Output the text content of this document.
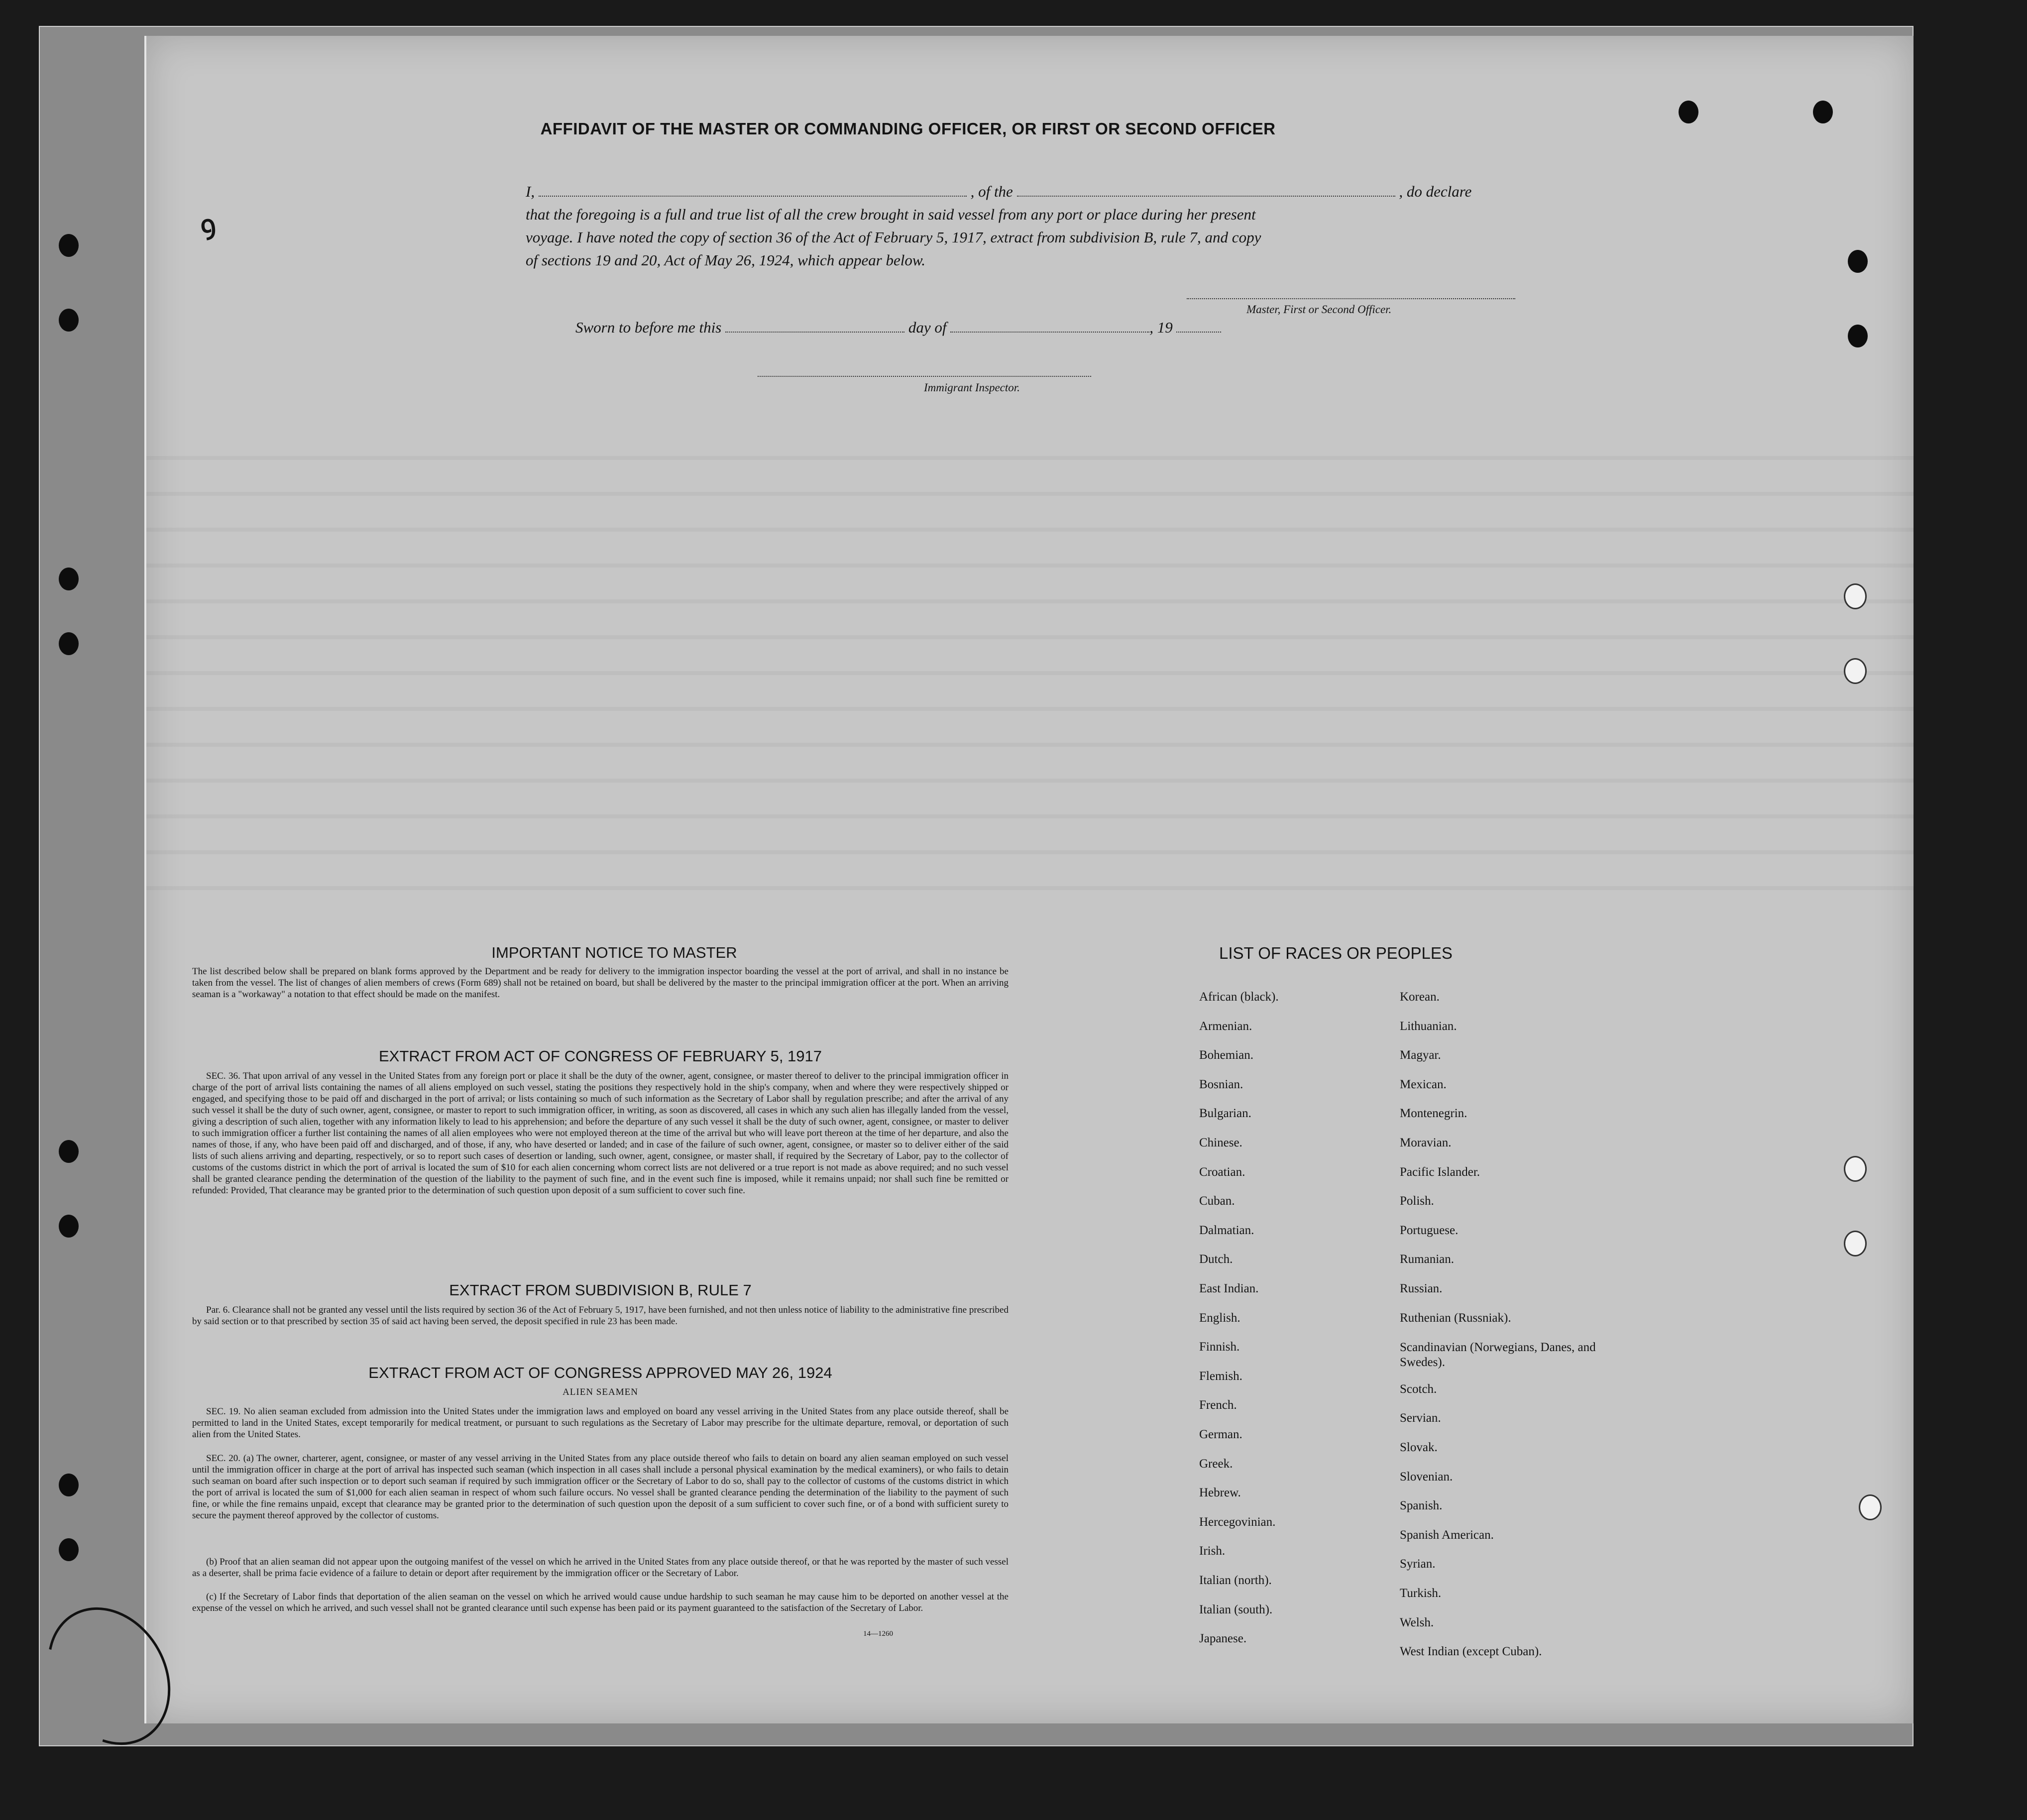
ꝯ
AFFIDAVIT OF THE MASTER OR COMMANDING OFFICER, OR FIRST OR SECOND OFFICER
I,	, of the	, do declare
that the foregoing is a full and true list of all the crew brought in said vessel from any port or place during her present
voyage. I have noted the copy of section 36 of the Act of February 5, 1917, extract from subdivision B, rule 7, and copy
of sections 19 and 20, Act of May 26, 1924, which appear below.
Master, First or Second Officer.
Sworn to before me this	day of	, 19
Immigrant Inspector.
IMPORTANT NOTICE TO MASTER
The list described below shall be prepared on blank forms approved by the Department and be ready for delivery to the immigration inspector boarding the vessel at the port of arrival, and shall in no instance be taken from the vessel. The list of changes of alien members of crews (Form 689) shall not be retained on board, but shall be delivered by the master to the principal immigration officer at the port. When an arriving seaman is a "workaway" a notation to that effect should be made on the manifest.
EXTRACT FROM ACT OF CONGRESS OF FEBRUARY 5, 1917
SEC. 36. That upon arrival of any vessel in the United States from any foreign port or place it shall be the duty of the owner, agent, consignee, or master thereof to deliver to the principal immigration officer in charge of the port of arrival lists containing the names of all aliens employed on such vessel, stating the positions they respectively hold in the ship's company, when and where they were respectively shipped or engaged, and specifying those to be paid off and discharged in the port of arrival; or lists containing so much of such information as the Secretary of Labor shall by regulation prescribe; and after the arrival of any such vessel it shall be the duty of such owner, agent, consignee, or master to report to such immigration officer, in writing, as soon as discovered, all cases in which any such alien has illegally landed from the vessel, giving a description of such alien, together with any information likely to lead to his apprehension; and before the departure of any such vessel it shall be the duty of such owner, agent, consignee, or master to deliver to such immigration officer a further list containing the names of all alien employees who were not employed thereon at the time of the arrival but who will leave port thereon at the time of her departure, and also the names of those, if any, who have been paid off and discharged, and of those, if any, who have deserted or landed; and in case of the failure of such owner, agent, consignee, or master so to deliver either of the said lists of such aliens arriving and departing, respectively, or so to report such cases of desertion or landing, such owner, agent, consignee, or master shall, if required by the Secretary of Labor, pay to the collector of customs of the customs district in which the port of arrival is located the sum of $10 for each alien concerning whom correct lists are not delivered or a true report is not made as above required; and no such vessel shall be granted clearance pending the determination of the question of the liability to the payment of such fine, and in the event such fine is imposed, while it remains unpaid; nor shall such fine be remitted or refunded: Provided, That clearance may be granted prior to the determination of such question upon deposit of a sum sufficient to cover such fine.
EXTRACT FROM SUBDIVISION B, RULE 7
Par. 6. Clearance shall not be granted any vessel until the lists required by section 36 of the Act of February 5, 1917, have been furnished, and not then unless notice of liability to the administrative fine prescribed by said section or to that prescribed by section 35 of said act having been served, the deposit specified in rule 23 has been made.
EXTRACT FROM ACT OF CONGRESS APPROVED MAY 26, 1924
ALIEN SEAMEN
SEC. 19. No alien seaman excluded from admission into the United States under the immigration laws and employed on board any vessel arriving in the United States from any place outside thereof, shall be permitted to land in the United States, except temporarily for medical treatment, or pursuant to such regulations as the Secretary of Labor may prescribe for the ultimate departure, removal, or deportation of such alien from the United States.
SEC. 20. (a) The owner, charterer, agent, consignee, or master of any vessel arriving in the United States from any place outside thereof who fails to detain on board any alien seaman employed on such vessel until the immigration officer in charge at the port of arrival has inspected such seaman (which inspection in all cases shall include a personal physical examination by the medical examiners), or who fails to detain such seaman on board after such inspection or to deport such seaman if required by such immigration officer or the Secretary of Labor to do so, shall pay to the collector of customs of the customs district in which the port of arrival is located the sum of $1,000 for each alien seaman in respect of whom such failure occurs. No vessel shall be granted clearance pending the determination of the liability to the payment of such fine, or while the fine remains unpaid, except that clearance may be granted prior to the determination of such question upon the deposit of a sum sufficient to cover such fine, or of a bond with sufficient surety to secure the payment thereof approved by the collector of customs.
(b) Proof that an alien seaman did not appear upon the outgoing manifest of the vessel on which he arrived in the United States from any place outside thereof, or that he was reported by the master of such vessel as a deserter, shall be prima facie evidence of a failure to detain or deport after requirement by the immigration officer or the Secretary of Labor.
(c) If the Secretary of Labor finds that deportation of the alien seaman on the vessel on which he arrived would cause undue hardship to such seaman he may cause him to be deported on another vessel at the expense of the vessel on which he arrived, and such vessel shall not be granted clearance until such expense has been paid or its payment guaranteed to the satisfaction of the Secretary of Labor.
14—1260
LIST OF RACES OR PEOPLES
African (black).
Armenian.
Bohemian.
Bosnian.
Bulgarian.
Chinese.
Croatian.
Cuban.
Dalmatian.
Dutch.
East Indian.
English.
Finnish.
Flemish.
French.
German.
Greek.
Hebrew.
Hercegovinian.
Irish.
Italian (north).
Italian (south).
Japanese.
Korean.
Lithuanian.
Magyar.
Mexican.
Montenegrin.
Moravian.
Pacific Islander.
Polish.
Portuguese.
Rumanian.
Russian.
Ruthenian (Russniak).
Scandinavian (Norwegians, Danes, and Swedes).
Scotch.
Servian.
Slovak.
Slovenian.
Spanish.
Spanish American.
Syrian.
Turkish.
Welsh.
West Indian (except Cuban).
